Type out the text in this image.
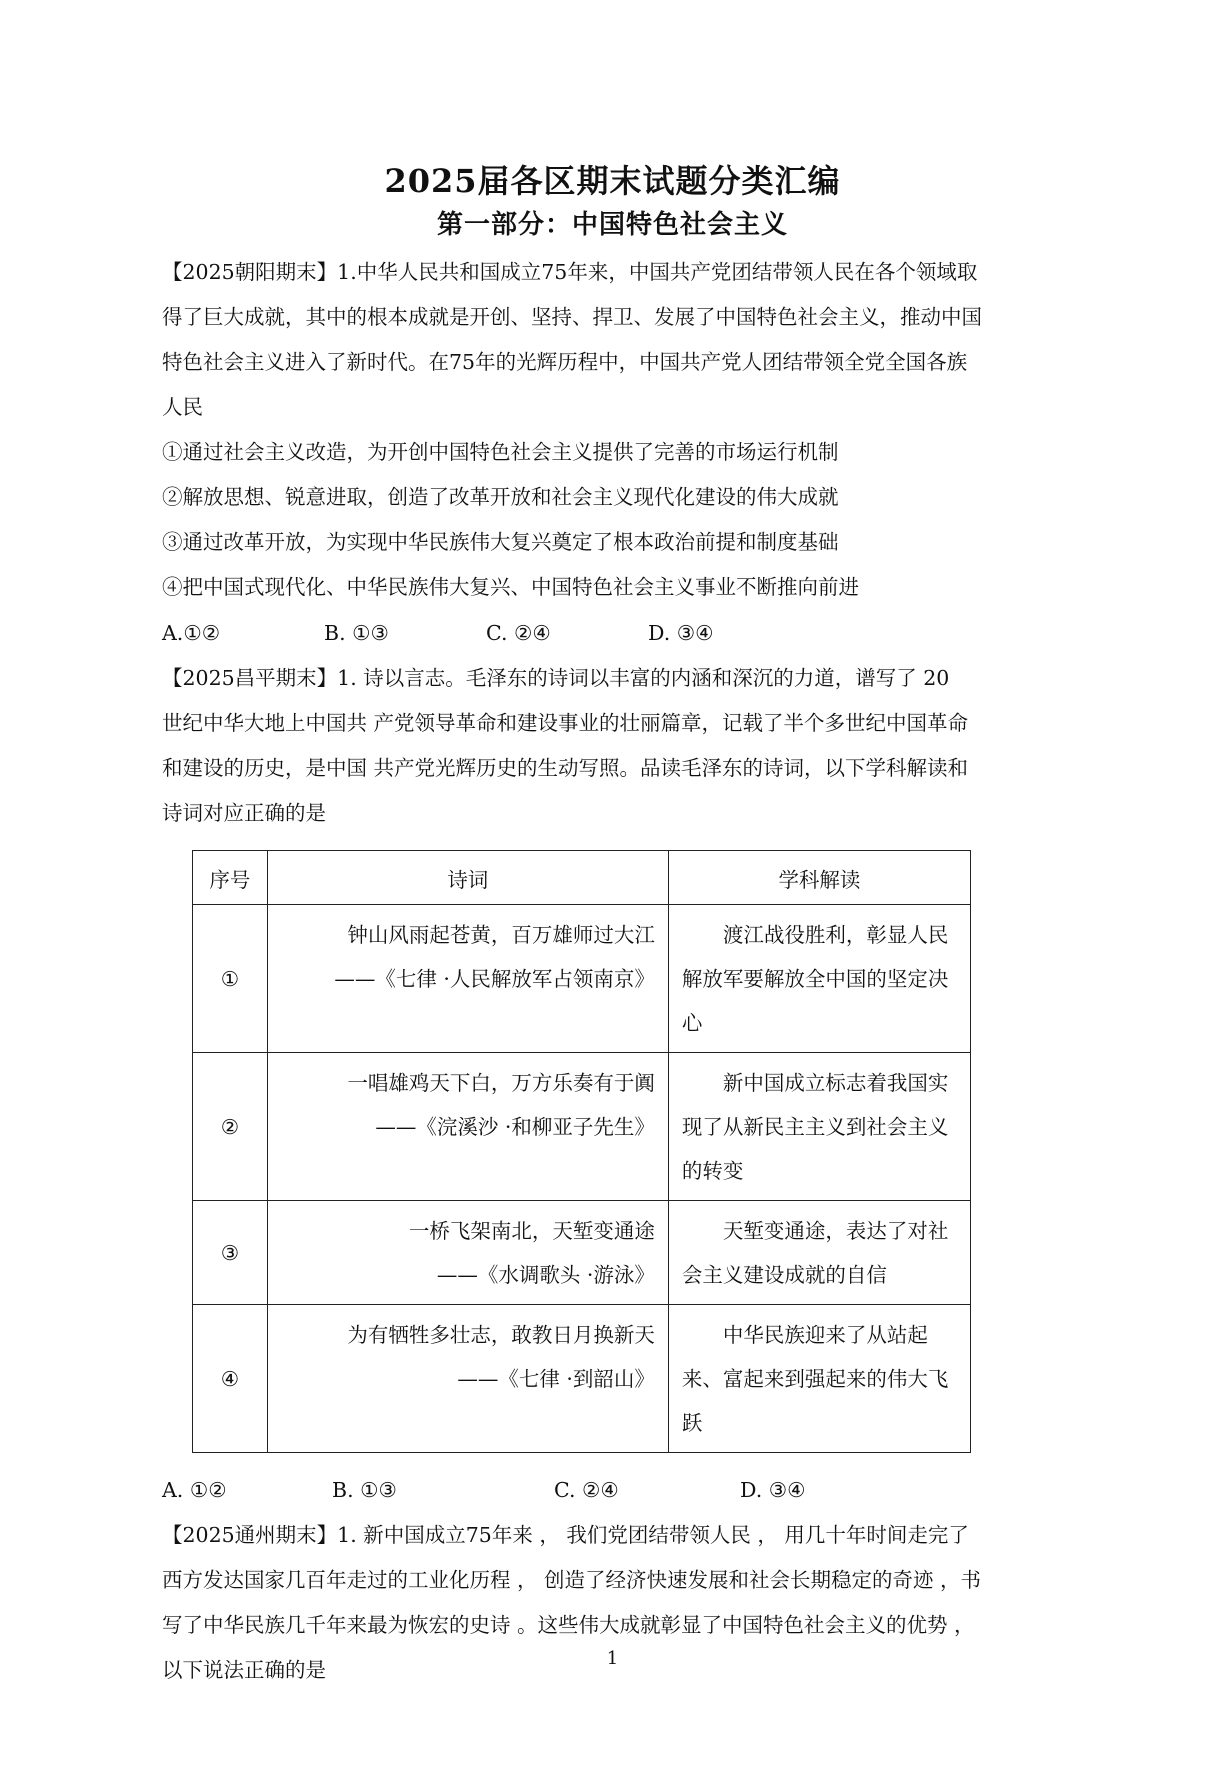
2025届各区期末试题分类汇编
第一部分：中国特色社会主义

【2025朝阳期末】1.中华人民共和国成立75年来，中国共产党团结带领人民在各个领域取

得了巨大成就，其中的根本成就是开创、坚持、捍卫、发展了中国特色社会主义，推动中国

特色社会主义进入了新时代。在75年的光辉历程中，中国共产党人团结带领全党全国各族

人民

①通过社会主义改造，为开创中国特色社会主义提供了完善的市场运行机制

②解放思想、锐意进取，创造了改革开放和社会主义现代化建设的伟大成就

③通过改革开放，为实现中华民族伟大复兴奠定了根本政治前提和制度基础

④把中国式现代化、中华民族伟大复兴、中国特色社会主义事业不断推向前进

A.①②	B. ①③	C. ②④	D. ③④

【2025昌平期末】1. 诗以言志。毛泽东的诗词以丰富的内涵和深沉的力道，谱写了 20

世纪中华大地上中国共 产党领导革命和建设事业的壮丽篇章，记载了半个多世纪中国革命

和建设的历史，是中国 共产党光辉历史的生动写照。品读毛泽东的诗词，以下学科解读和

诗词对应正确的是

序号	诗词	学科解读
①	钟山风雨起苍黄，百万雄师过大江
——《七律 ·人民解放军占领南京》	渡江战役胜利，彰显人民解放军要解放全中国的坚定决心

②	一唱雄鸡天下白，万方乐奏有于阗
——《浣溪沙 ·和柳亚子先生》	新中国成立标志着我国实现了从新民主主义到社会主义的转变

③	一桥飞架南北，天堑变通途
——《水调歌头 ·游泳》	天堑变通途，表达了对社会主义建设成就的自信

④	为有牺牲多壮志，敢教日月换新天
——《七律 ·到韶山》	中华民族迎来了从站起来、富起来到强起来的伟大飞跃
A. ①②	B. ①③	C. ②④	D. ③④

【2025通州期末】1. 新中国成立75年来 ， 我们党团结带领人民 ， 用几十年时间走完了

西方发达国家几百年走过的工业化历程 ， 创造了经济快速发展和社会长期稳定的奇迹 ，书

写了中华民族几千年来最为恢宏的史诗 。这些伟大成就彰显了中国特色社会主义的优势 ，

以下说法正确的是	1
